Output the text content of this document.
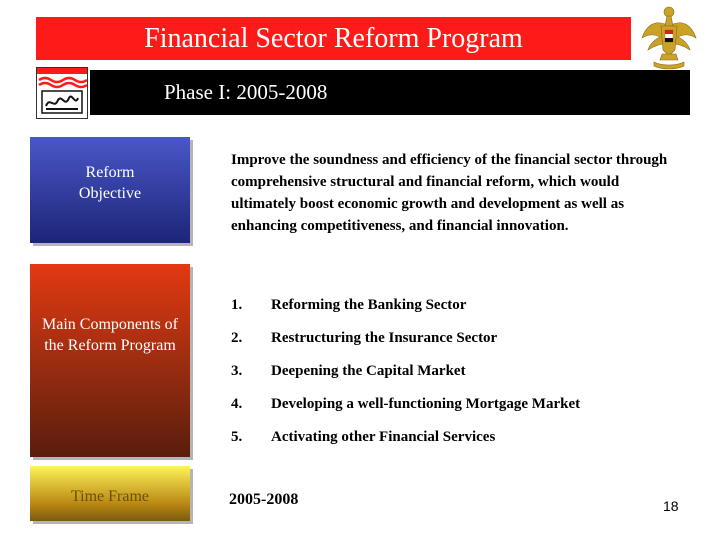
Financial Sector Reform Program
Phase I: 2005-2008
Reform
Objective
Improve the soundness and efficiency of the financial sector through comprehensive structural and financial reform, which would ultimately boost economic growth and development as well as enhancing competitiveness, and financial innovation.
Main Components of the Reform Program
1. Reforming the Banking Sector
2. Restructuring the Insurance Sector
3. Deepening the Capital Market
4. Developing a well-functioning Mortgage Market
5. Activating other Financial Services
Time Frame	2005-2008	18
